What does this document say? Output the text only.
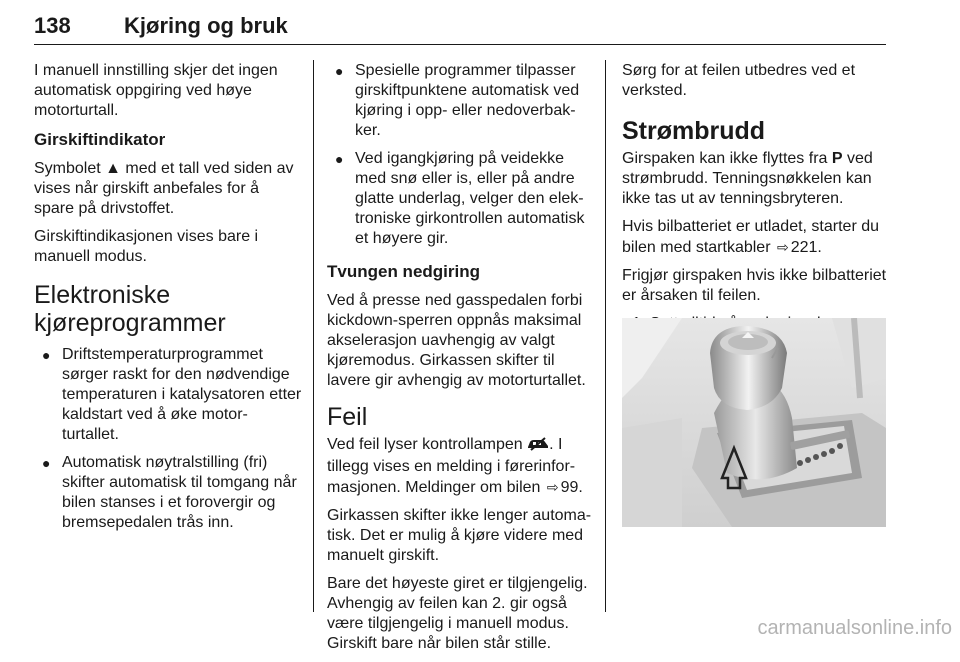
138 Kjøring og bruk

I manuell innstilling skjer det ingen automatisk oppgiring ved høye motorturtall.

Girskiftindikator

Symbolet ▲ med et tall ved siden av vises når girskift anbefales for å spare på drivstoffet.

Girskiftindikasjonen vises bare i manuell modus.

Elektroniske
kjøreprogrammer
● Driftstemperaturprogrammet sørger raskt for den nødvendige temperaturen i katalysatoren etter kaldstart ved å øke motor-turtallet.
● Automatisk nøytralstilling (fri) skifter automatisk til tomgang når bilen stanses i et forovergir og bremsepedalen trås inn.
● Spesielle programmer tilpasser girskiftpunktene automatisk ved kjøring i opp- eller nedoverbak-ker.
● Ved igangkjøring på veidekke med snø eller is, eller på andre glatte underlag, velger den elek-troniske girkontrollen automatisk et høyere gir.
Tvungen nedgiring

Ved å presse ned gasspedalen forbi kickdown-sperren oppnås maksimal akselerasjon uavhengig av valgt kjøremodus. Girkassen skifter til lavere gir avhengig av motorturtallet.

Feil

Ved feil lyser kontrollampen . I tillegg vises en melding i førerinfor-masjonen. Meldinger om bilen ⇨ 99.

Girkassen skifter ikke lenger automa-tisk. Det er mulig å kjøre videre med manuelt girskift.

Bare det høyeste giret er tilgjengelig. Avhengig av feilen kan 2. gir også være tilgjengelig i manuell modus. Girskift bare når bilen står stille.

Sørg for at feilen utbedres ved et verksted.

Strømbrudd

Girspaken kan ikke flyttes fra P ved strømbrudd. Tenningsnøkkelen kan ikke tas ut av tenningsbryteren.

Hvis bilbatteriet er utladet, starter du bilen med startkabler ⇨ 221.

Frigjør girspaken hvis ikke bilbatteriet er årsaken til feilen.

carmanualsonline.info
